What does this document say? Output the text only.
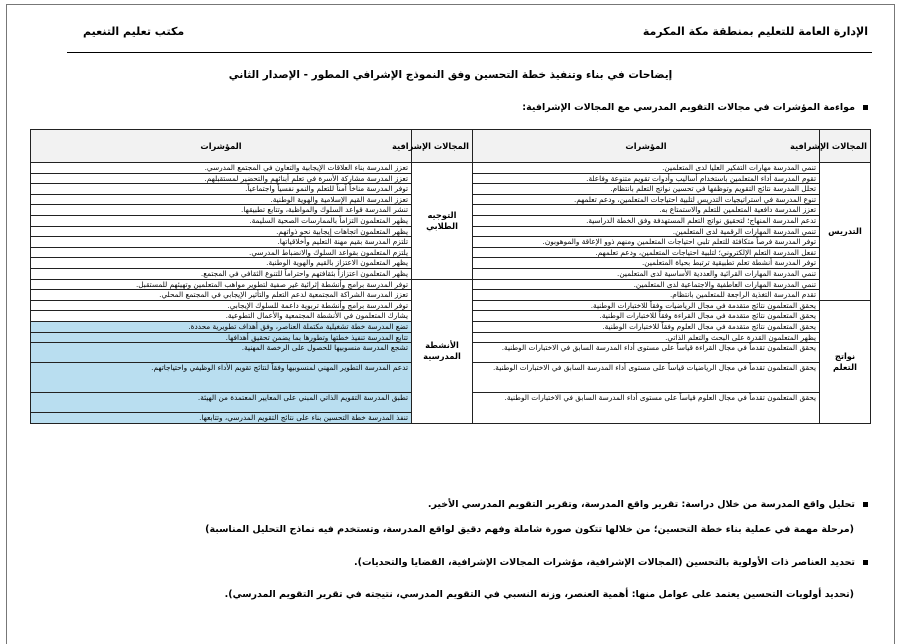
الإدارة العامة للتعليم بمنطقة مكة المكرمة
مكتب تعليم التنعيم
إيضاحات في بناء وتنفيذ خطة التحسين وفق النموذج الإشرافي المطور - الإصدار الثاني
مواءمة المؤشرات في مجالات التقويم المدرسي مع المجالات الإشرافية:
المجالات الإشرافية	المؤشرات	المجالات الإشرافية	المؤشرات
التدريس	تنمي المدرسة مهارات التفكير العليا لدى المتعلمين.	التوجيه الطلابي	تعزز المدرسة بناء العلاقات الإيجابية والتعاون في المجتمع المدرسي.
	تقوم المدرسة أداء المتعلمين باستخدام أساليب وأدوات تقويم متنوعة وفاعلة.		تعزز المدرسة مشاركة الأسرة في تعلم أبنائهم والتحضير لمستقبلهم.
	تحلل المدرسة نتائج التقويم وتوظفها في تحسين نواتج التعلم بانتظام.		توفر المدرسة مناخاً آمناً للتعلم والنمو نفسياً واجتماعياً.
	تنوع المدرسة في استراتيجيات التدريس لتلبية احتياجات المتعلمين، ودعم تعلمهم.		تعزز المدرسة القيم الإسلامية والهوية الوطنية.
	تعزز المدرسة دافعية المتعلمين للتعلم والاستمتاع به.		تنشر المدرسة قواعد السلوك والمواظبة، وتتابع تطبيقها.
	تدعم المدرسة المنهاج؛ لتحقيق نواتج التعلم المستهدفة وفق الخطة الدراسية.		يظهر المتعلمون التزاماً بالممارسات الصحية السليمة.
	تنمي المدرسة المهارات الرقمية لدى المتعلمين.		يظهر المتعلمون اتجاهات إيجابية نحو ذواتهم.
	توفر المدرسة فرصاً متكافئة للتعلم تلبي احتياجات المتعلمين ومنهم ذوو الإعاقة والموهوبون.		تلتزم المدرسة بقيم مهنة التعليم وأخلاقياتها.
	تفعل المدرسة التعلم الإلكتروني؛ لتلبية احتياجات المتعلمين، ودعم تعلمهم.		يلتزم المتعلمون بقواعد السلوك والانضباط المدرسي.
	توفر المدرسة أنشطة تعلم تطبيقية ترتبط بحياة المتعلمين.		يظهر المتعلمون الاعتزاز بالقيم والهوية الوطنية.
	تنمي المدرسة المهارات القرائية والعددية الأساسية لدى المتعلمين.		يظهر المتعلمون اعتزازاً بثقافتهم واحتراماً للتنوع الثقافي في المجتمع.
	تنمي المدرسة المهارات العاطفية والاجتماعية لدى المتعلمين.	الأنشطة المدرسية	توفر المدرسة برامج وأنشطة إثرائية غير صفية لتطوير مواهب المتعلمين وتهيئهم للمستقبل.
	تقدم المدرسة التغذية الراجعة للمتعلمين بانتظام.		تعزز المدرسة الشراكة المجتمعية لدعم التعلم والتأثير الإيجابي في المجتمع المحلي.
نواتج التعلم	يحقق المتعلمون نتائج متقدمة في مجال الرياضيات وفقاً للاختبارات الوطنية.		توفر المدرسة برامج وأنشطة تربوية داعمة للسلوك الإيجابي.
	يحقق المتعلمون نتائج متقدمة في مجال القراءة وفقاً للاختبارات الوطنية.		يشارك المتعلمون في الأنشطة المجتمعية والأعمال التطوعية.
	يحقق المتعلمون نتائج متقدمة في مجال العلوم وفقاً للاختبارات الوطنية.		تضع المدرسة خطة تشغيلية مكتملة العناصر، وفق أهداف تطويرية محددة.
	يظهر المتعلمون القدرة على البحث والتعلم الذاتي.		تتابع المدرسة تنفيذ خطتها وتطورها بما يضمن تحقيق أهدافها.
	يحقق المتعلمون تقدماً في مجال القراءة قياساً على مستوى أداء المدرسة السابق في الاختبارات الوطنية.		تشجع المدرسة منسوبيها للحصول على الرخصة المهنية.
	يحقق المتعلمون تقدماً في مجال الرياضيات قياساً على مستوى أداء المدرسة السابق في الاختبارات الوطنية.		تدعم المدرسة التطوير المهني لمنسوبيها وفقاً لنتائج تقويم الأداء الوظيفي واحتياجاتهم.
	يحقق المتعلمون تقدماً في مجال العلوم قياساً على مستوى أداء المدرسة السابق في الاختبارات الوطنية.		تطبق المدرسة التقويم الذاتي المبني على المعايير المعتمدة من الهيئة.
			تنفذ المدرسة خطة التحسين بناء على نتائج التقويم المدرسي، وتتابعها.
تحليل واقع المدرسة من خلال دراسة: تقرير واقع المدرسة، وتقرير التقويم المدرسي الأخير.
(مرحلة مهمة في عملية بناء خطة التحسين؛ من خلالها تتكون صورة شاملة وفهم دقيق لواقع المدرسة، وتستخدم فيه نماذج التحليل المناسبة)
تحديد العناصر ذات الأولوية بالتحسين (المجالات الإشرافية، مؤشرات المجالات الإشرافية، القضايا والتحديات).
(تحديد أولويات التحسين يعتمد على عوامل منها: أهمية العنصر، وزنه النسبي في التقويم المدرسي، نتيجته في تقرير التقويم المدرسي).
